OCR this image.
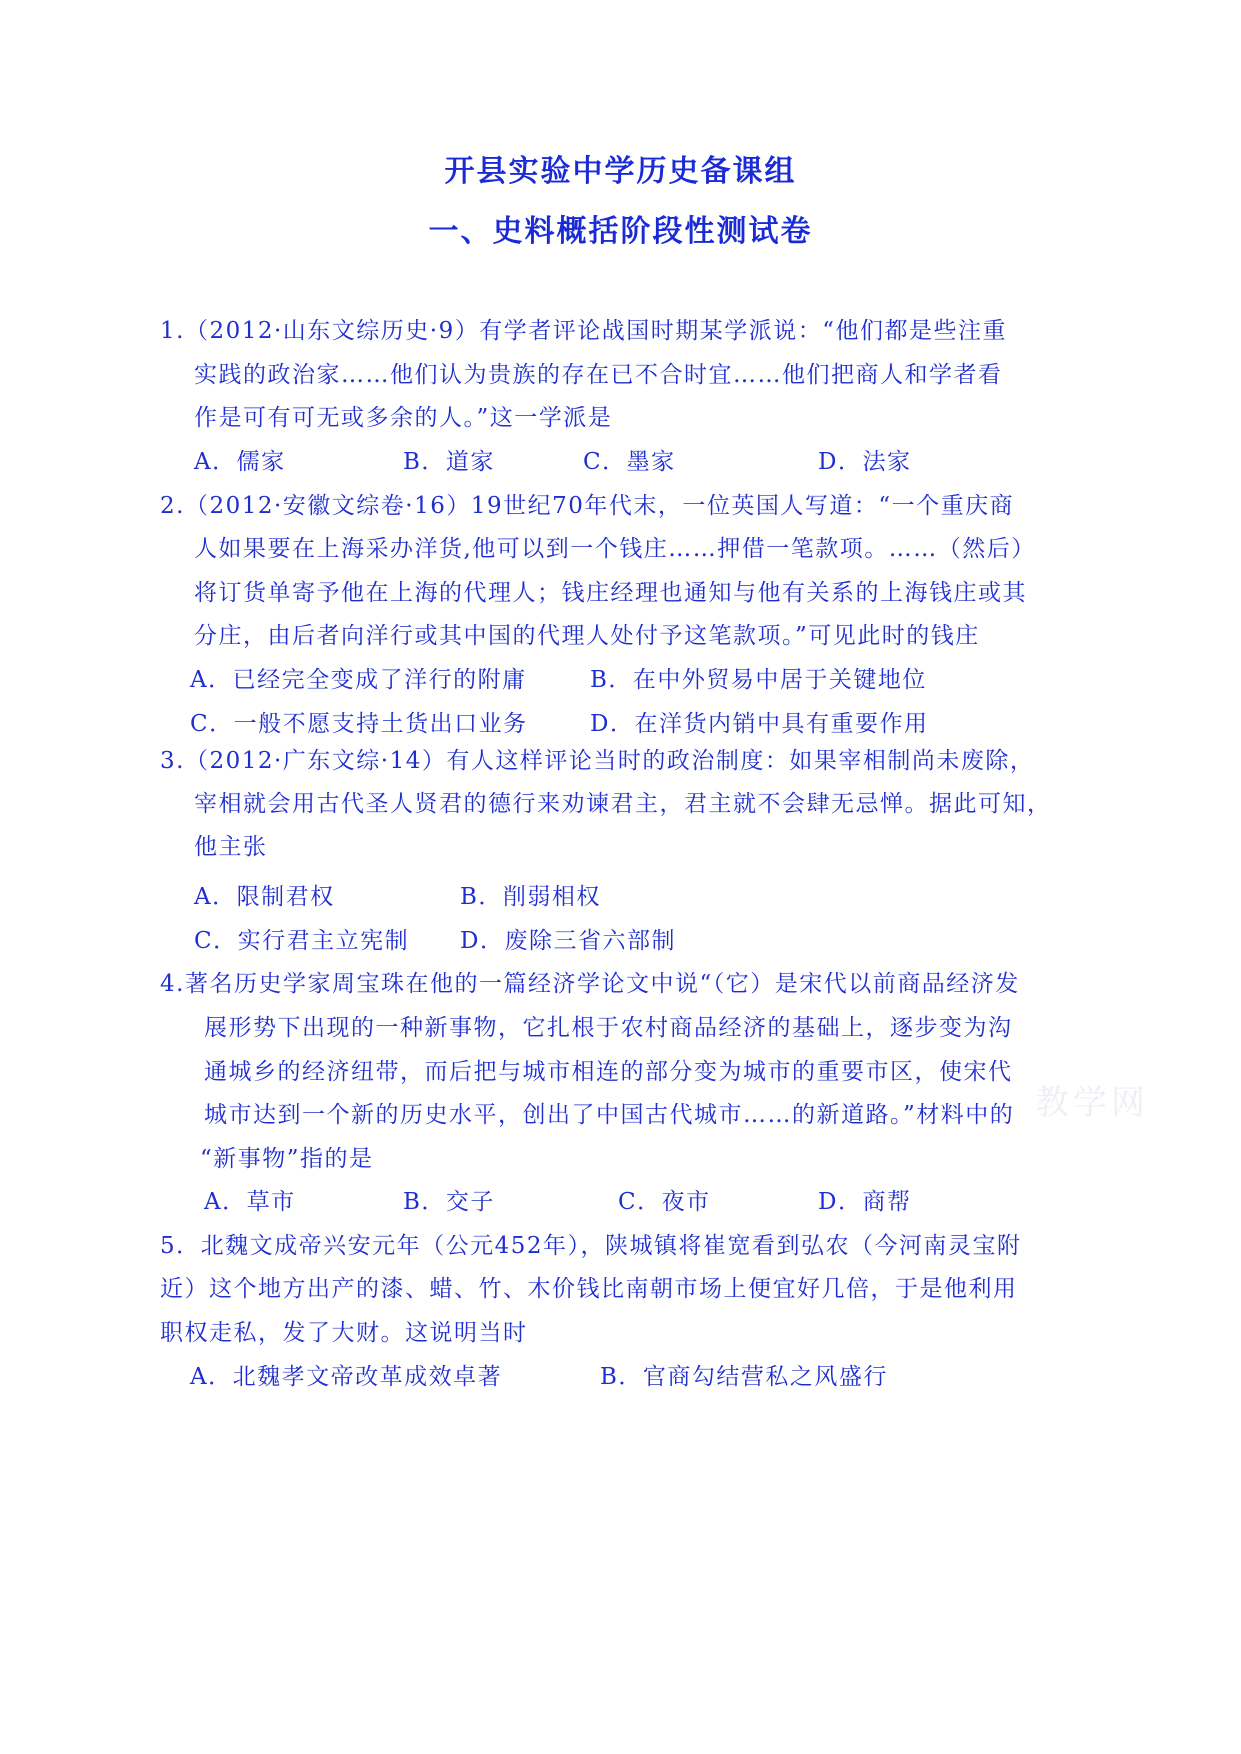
开县实验中学历史备课组
一、史料概括阶段性测试卷
1.（2012·山东文综历史·9）有学者评论战国时期某学派说：“他们都是些注重
实践的政治家……他们认为贵族的存在已不合时宜……他们把商人和学者看
作是可有可无或多余的人。”这一学派是
A．儒家	B．道家	C．墨家	D．法家
2.（2012·安徽文综卷·16）19世纪70年代末，一位英国人写道：“一个重庆商
人如果要在上海采办洋货,他可以到一个钱庄……押借一笔款项。……（然后）
将订货单寄予他在上海的代理人；钱庄经理也通知与他有关系的上海钱庄或其
分庄，由后者向洋行或其中国的代理人处付予这笔款项。”可见此时的钱庄
A．已经完全变成了洋行的附庸	B．在中外贸易中居于关键地位
C．一般不愿支持土货出口业务	D．在洋货内销中具有重要作用
3.（2012·广东文综·14）有人这样评论当时的政治制度：如果宰相制尚未废除，
宰相就会用古代圣人贤君的德行来劝谏君主，君主就不会肆无忌惮。据此可知，
他主张
A．限制君权	B．削弱相权
C．实行君主立宪制 D．废除三省六部制
4.著名历史学家周宝珠在他的一篇经济学论文中说“（它）是宋代以前商品经济发
展形势下出现的一种新事物，它扎根于农村商品经济的基础上，逐步变为沟
通城乡的经济纽带，而后把与城市相连的部分变为城市的重要市区，使宋代
城市达到一个新的历史水平，创出了中国古代城市……的新道路。”材料中的
“新事物”指的是
A．草市	B．交子	C．夜市	D．商帮
5．北魏文成帝兴安元年（公元452年），陕城镇将崔宽看到弘农（今河南灵宝附
近）这个地方出产的漆、蜡、竹、木价钱比南朝市场上便宜好几倍，于是他利用
职权走私，发了大财。这说明当时
A．北魏孝文帝改革成效卓著	B．官商勾结营私之风盛行
教学网
